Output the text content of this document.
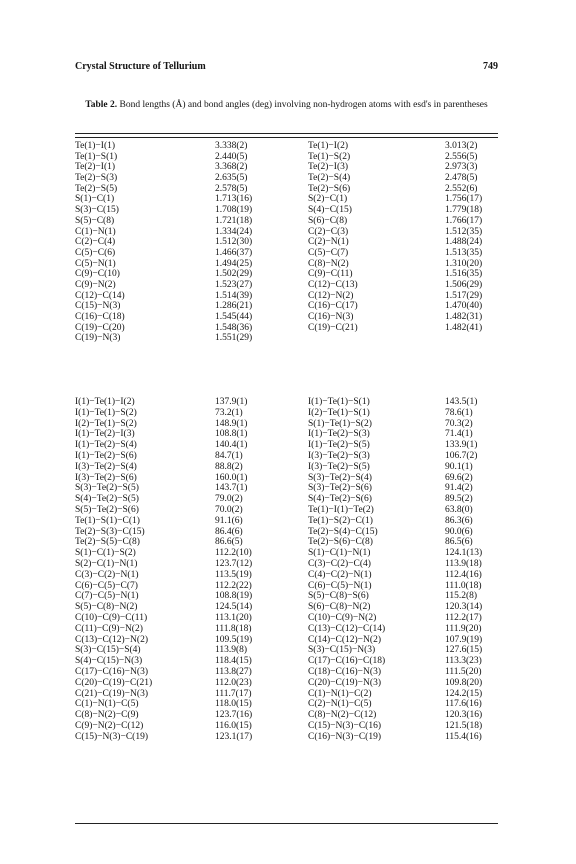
Crystal Structure of Tellurium	749
Table 2. Bond lengths (Å) and bond angles (deg) involving non-hydrogen atoms with esd's in parentheses
Te(1)−I(1)	3.338(2)	Te(1)−I(2)	3.013(2)
Te(1)−S(1)	2.440(5)	Te(1)−S(2)	2.556(5)
Te(2)−I(1)	3.368(2)	Te(2)−I(3)	2.973(3)
Te(2)−S(3)	2.635(5)	Te(2)−S(4)	2.478(5)
Te(2)−S(5)	2.578(5)	Te(2)−S(6)	2.552(6)
S(1)−C(1)	1.713(16)	S(2)−C(1)	1.756(17)
S(3)−C(15)	1.708(19)	S(4)−C(15)	1.779(18)
S(5)−C(8)	1.721(18)	S(6)−C(8)	1.766(17)
C(1)−N(1)	1.334(24)	C(2)−C(3)	1.512(35)
C(2)−C(4)	1.512(30)	C(2)−N(1)	1.488(24)
C(5)−C(6)	1.466(37)	C(5)−C(7)	1.513(35)
C(5)−N(1)	1.494(25)	C(8)−N(2)	1.310(20)
C(9)−C(10)	1.502(29)	C(9)−C(11)	1.516(35)
C(9)−N(2)	1.523(27)	C(12)−C(13)	1.506(29)
C(12)−C(14)	1.514(39)	C(12)−N(2)	1.517(29)
C(15)−N(3)	1.286(21)	C(16)−C(17)	1.470(40)
C(16)−C(18)	1.545(44)	C(16)−N(3)	1.482(31)
C(19)−C(20)	1.548(36)	C(19)−C(21)	1.482(41)
C(19)−N(3)	1.551(29)
I(1)−Te(1)−I(2)	137.9(1)	I(1)−Te(1)−S(1)	143.5(1)
I(1)−Te(1)−S(2)	73.2(1)	I(2)−Te(1)−S(1)	78.6(1)
I(2)−Te(1)−S(2)	148.9(1)	S(1)−Te(1)−S(2)	70.3(2)
I(1)−Te(2)−I(3)	108.8(1)	I(1)−Te(2)−S(3)	71.4(1)
I(1)−Te(2)−S(4)	140.4(1)	I(1)−Te(2)−S(5)	133.9(1)
I(1)−Te(2)−S(6)	84.7(1)	I(3)−Te(2)−S(3)	106.7(2)
I(3)−Te(2)−S(4)	88.8(2)	I(3)−Te(2)−S(5)	90.1(1)
I(3)−Te(2)−S(6)	160.0(1)	S(3)−Te(2)−S(4)	69.6(2)
S(3)−Te(2)−S(5)	143.7(1)	S(3)−Te(2)−S(6)	91.4(2)
S(4)−Te(2)−S(5)	79.0(2)	S(4)−Te(2)−S(6)	89.5(2)
S(5)−Te(2)−S(6)	70.0(2)	Te(1)−I(1)−Te(2)	63.8(0)
Te(1)−S(1)−C(1)	91.1(6)	Te(1)−S(2)−C(1)	86.3(6)
Te(2)−S(3)−C(15)	86.4(6)	Te(2)−S(4)−C(15)	90.0(6)
Te(2)−S(5)−C(8)	86.6(5)	Te(2)−S(6)−C(8)	86.5(6)
S(1)−C(1)−S(2)	112.2(10)	S(1)−C(1)−N(1)	124.1(13)
S(2)−C(1)−N(1)	123.7(12)	C(3)−C(2)−C(4)	113.9(18)
C(3)−C(2)−N(1)	113.5(19)	C(4)−C(2)−N(1)	112.4(16)
C(6)−C(5)−C(7)	112.2(22)	C(6)−C(5)−N(1)	111.0(18)
C(7)−C(5)−N(1)	108.8(19)	S(5)−C(8)−S(6)	115.2(8)
S(5)−C(8)−N(2)	124.5(14)	S(6)−C(8)−N(2)	120.3(14)
C(10)−C(9)−C(11)	113.1(20)	C(10)−C(9)−N(2)	112.2(17)
C(11)−C(9)−N(2)	111.8(18)	C(13)−C(12)−C(14)	111.9(20)
C(13)−C(12)−N(2)	109.5(19)	C(14)−C(12)−N(2)	107.9(19)
S(3)−C(15)−S(4)	113.9(8)	S(3)−C(15)−N(3)	127.6(15)
S(4)−C(15)−N(3)	118.4(15)	C(17)−C(16)−C(18)	113.3(23)
C(17)−C(16)−N(3)	113.8(27)	C(18)−C(16)−N(3)	111.5(20)
C(20)−C(19)−C(21)	112.0(23)	C(20)−C(19)−N(3)	109.8(20)
C(21)−C(19)−N(3)	111.7(17)	C(1)−N(1)−C(2)	124.2(15)
C(1)−N(1)−C(5)	118.0(15)	C(2)−N(1)−C(5)	117.6(16)
C(8)−N(2)−C(9)	123.7(16)	C(8)−N(2)−C(12)	120.3(16)
C(9)−N(2)−C(12)	116.0(15)	C(15)−N(3)−C(16)	121.5(18)
C(15)−N(3)−C(19)	123.1(17)	C(16)−N(3)−C(19)	115.4(16)
